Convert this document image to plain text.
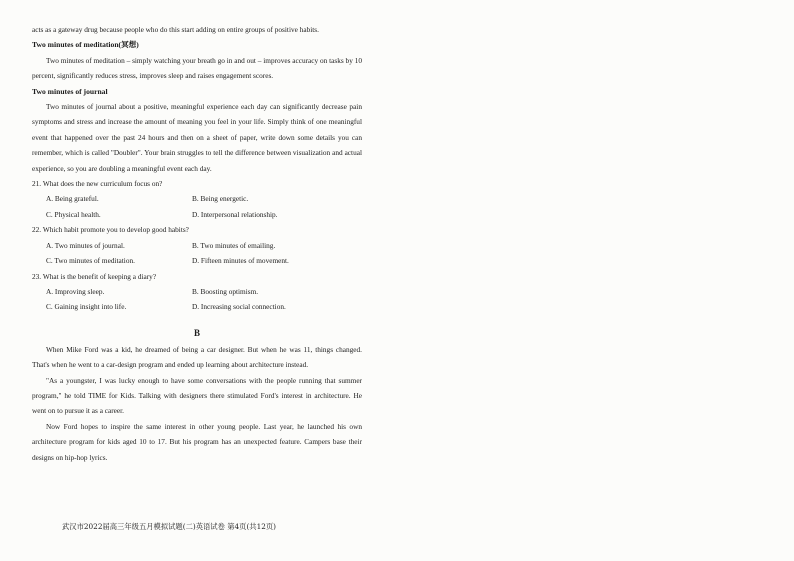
acts as a gateway drug because people who do this start adding on entire groups of positive habits.

Two minutes of meditation(冥想)

Two minutes of meditation – simply watching your breath go in and out – improves accuracy on tasks by 10 percent, significantly reduces stress, improves sleep and raises engagement scores.

Two minutes of journal

Two minutes of journal about a positive, meaningful experience each day can significantly decrease pain symptoms and stress and increase the amount of meaning you feel in your life. Simply think of one meaningful event that happened over the past 24 hours and then on a sheet of paper, write down some details you can remember, which is called "Doubler". Your brain struggles to tell the difference between visualization and actual experience, so you are doubling a meaningful event each day.

21. What does the new curriculum focus on?

A. Being grateful.	B. Being energetic.
C. Physical health.	D. Interpersonal relationship.

22. Which habit promote you to develop good habits?

A. Two minutes of journal.	B. Two minutes of emailing.
C. Two minutes of meditation.	D. Fifteen minutes of movement.

23. What is the benefit of keeping a diary?

A. Improving sleep.	B. Boosting optimism.
C. Gaining insight into life.	D. Increasing social connection.
B

When Mike Ford was a kid, he dreamed of being a car designer. But when he was 11, things changed. That's when he went to a car-design program and ended up learning about architecture instead.

"As a youngster, I was lucky enough to have some conversations with the people running that summer program," he told TIME for Kids. Talking with designers there stimulated Ford's interest in architecture. He went on to pursue it as a career.

Now Ford hopes to inspire the same interest in other young people. Last year, he launched his own architecture program for kids aged 10 to 17. But his program has an unexpected feature. Campers base their designs on hip-hop lyrics.

武汉市2022届高三年级五月模拟试题(二)英语试卷 第4页(共12页)
